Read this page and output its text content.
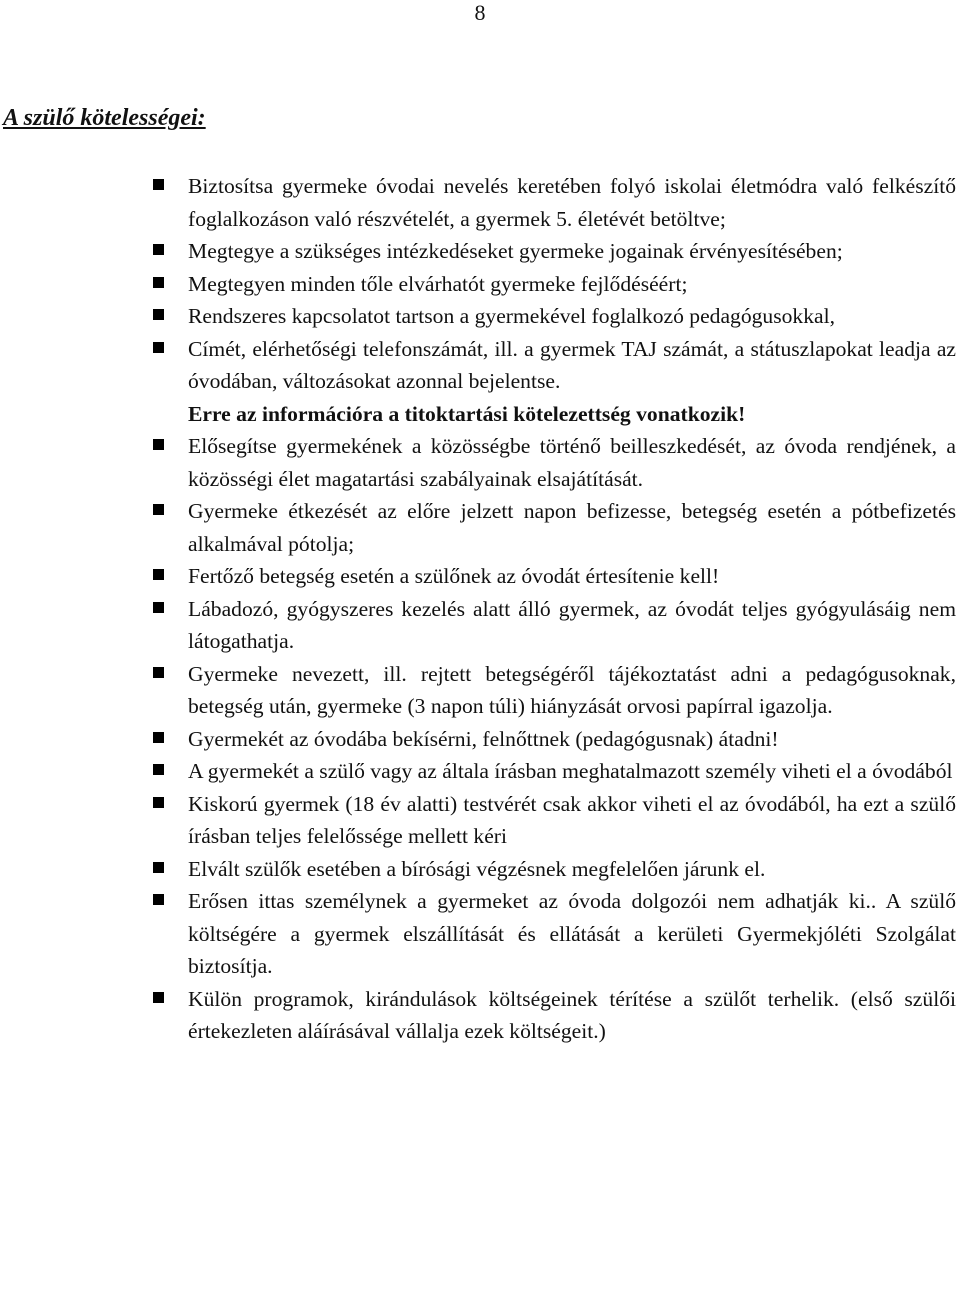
8
A szülő kötelességei:

Biztosítsa gyermeke óvodai nevelés keretében folyó iskolai életmódra való felkészítő foglalkozáson való részvételét, a gyermek 5. életévét betöltve;

Megtegye a szükséges intézkedéseket gyermeke jogainak érvényesítésében;

Megtegyen minden tőle elvárhatót gyermeke fejlődéséért;

Rendszeres kapcsolatot tartson a gyermekével foglalkozó pedagógusokkal,

Címét, elérhetőségi telefonszámát, ill. a gyermek TAJ számát, a státuszlapokat leadja az óvodában, változásokat azonnal bejelentse.

Erre az információra a titoktartási kötelezettség vonatkozik!

Elősegítse gyermekének a közösségbe történő beilleszkedését, az óvoda rendjének, a közösségi élet magatartási szabályainak elsajátítását.

Gyermeke étkezését az előre jelzett napon befizesse, betegség esetén a pótbefizetés alkalmával pótolja;

Fertőző betegség esetén a szülőnek az óvodát értesítenie kell!

Lábadozó, gyógyszeres kezelés alatt álló gyermek, az óvodát teljes gyógyulásáig nem látogathatja.

Gyermeke nevezett, ill. rejtett betegségéről tájékoztatást adni a pedagógusoknak, betegség után, gyermeke (3 napon túli) hiányzását orvosi papírral igazolja.

Gyermekét az óvodába bekísérni, felnőttnek (pedagógusnak) átadni!

A gyermekét a szülő vagy az általa írásban meghatalmazott személy viheti el a óvodából

Kiskorú gyermek (18 év alatti) testvérét csak akkor viheti el az óvodából, ha ezt a szülő írásban teljes felelőssége mellett kéri

Elvált szülők esetében a bírósági végzésnek megfelelően járunk el.

Erősen ittas személynek a gyermeket az óvoda dolgozói nem adhatják ki.. A szülő költségére a gyermek elszállítását és ellátását a kerületi Gyermekjóléti Szolgálat biztosítja.

Külön programok, kirándulások költségeinek térítése a szülőt terhelik. (első szülői értekezleten aláírásával vállalja ezek költségeit.)
